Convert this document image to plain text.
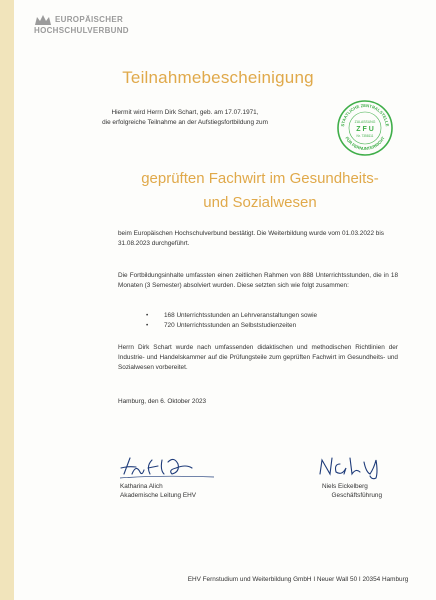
EUROPÄISCHER
HOCHSCHULVERBUND
Teilnahmebescheinigung
Hiermit wird Herrn Dirk Schart, geb. am 17.07.1971,
die erfolgreiche Teilnahme an der Aufstiegsfortbildung zum	STAATLICHE ZENTRALSTELLE
FÜR FERNUNTERRICHT
ZULASSUNG
Z F U
Nr. 7358111
geprüften Fachwirt im Gesundheits-
und Sozialwesen
beim Europäischen Hochschulverbund bestätigt. Die Weiterbildung wurde vom 01.03.2022 bis 31.08.2023 durchgeführt.
Die Fortbildungsinhalte umfassten einen zeitlichen Rahmen von 888 Unterrichtsstunden, die in 18 Monaten (3 Semester) absolviert wurden. Diese setzten sich wie folgt zusammen:
• 168 Unterrichtsstunden an Lehrveranstaltungen sowie
• 720 Unterrichtsstunden an Selbststudienzeiten
Herrn Dirk Schart wurde nach umfassenden didaktischen und methodischen Richtlinien der Industrie- und Handelskammer auf die Prüfungsteile zum geprüften Fachwirt im Gesundheits- und Sozialwesen vorbereitet.
Hamburg, den 6. Oktober 2023
Katharina Alich
Akademische Leitung EHV
Niels Eickelberg
Geschäftsführung
EHV Fernstudium und Weiterbildung GmbH I Neuer Wall 50 I 20354 Hamburg
